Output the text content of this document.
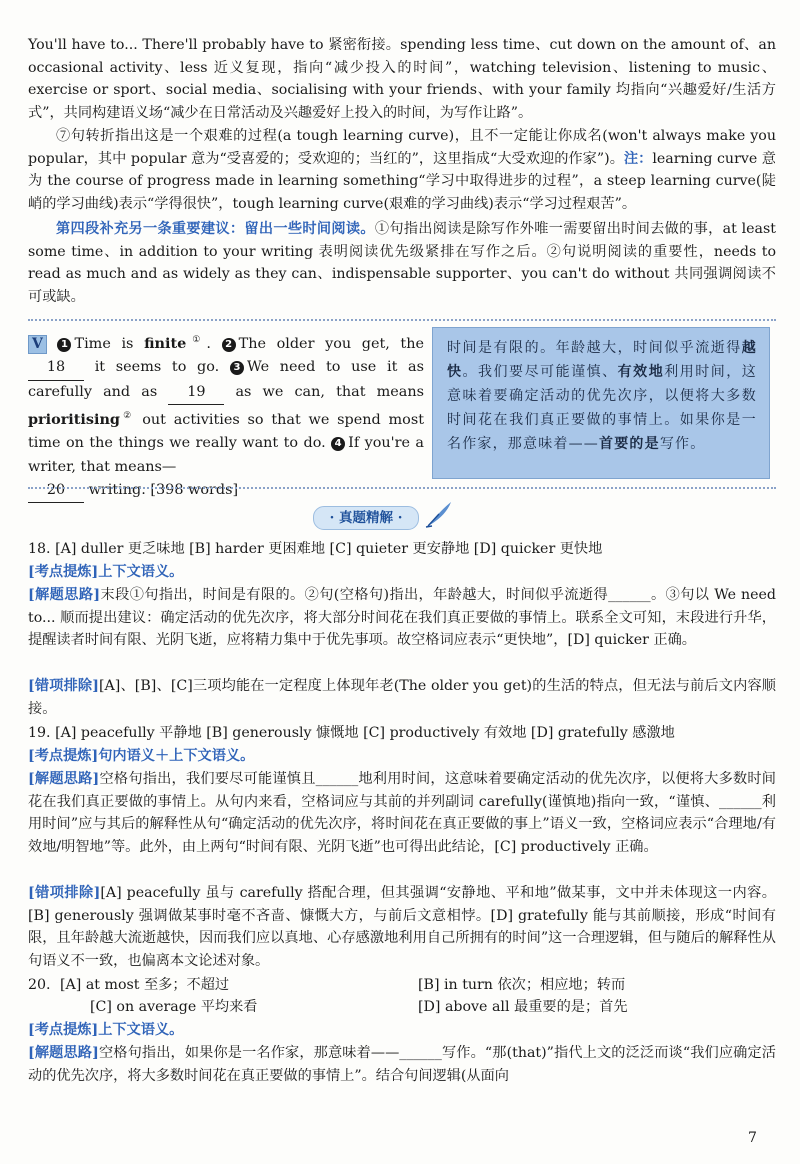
You'll have to... There'll probably have to 紧密衔接。spending less time、cut down on the amount of、an occasional activity、less 近义复现，指向“减少投入的时间”，watching television、listening to music、exercise or sport、social media、socialising with your friends、with your family 均指向“兴趣爱好/生活方式”，共同构建语义场“减少在日常活动及兴趣爱好上投入的时间，为写作让路”。

⑦句转折指出这是一个艰难的过程(a tough learning curve)，且不一定能让你成名(won't always make you popular，其中 popular 意为“受喜爱的；受欢迎的；当红的”，这里指成“大受欢迎的作家”)。注：learning curve 意为 the course of progress made in learning something“学习中取得进步的过程”，a steep learning curve(陡峭的学习曲线)表示“学得很快”，tough learning curve(艰难的学习曲线)表示“学习过程艰苦”。

第四段补充另一条重要建议：留出一些时间阅读。①句指出阅读是除写作外唯一需要留出时间去做的事，at least some time、in addition to your writing 表明阅读优先级紧排在写作之后。②句说明阅读的重要性，needs to read as much and as widely as they can、indispensable supporter、you can't do without 共同强调阅读不可或缺。

V 1 Time is finite①. 2 The older you get, the 18 it seems to go. 3 We need to use it as carefully and as 19 as we can, that means prioritising② out activities so that we spend most time on the things we really want to do. 4 If you're a writer, that means—
20 writing. [398 words]

时间是有限的。年龄越大，时间似乎流逝得越快。我们要尽可能谨慎、有效地利用时间，这意味着要确定活动的优先次序，以便将大多数时间花在我们真正要做的事情上。如果你是一名作家，那意味着——首要的是写作。

· 真题精解 ·

18. [A] duller 更乏味地 [B] harder 更困难地 [C] quieter 更安静地 [D] quicker 更快地

[考点提炼]上下文语义。

[解题思路]末段①句指出，时间是有限的。②句(空格句)指出，年龄越大，时间似乎流逝得______。③句以 We need to... 顺而提出建议：确定活动的优先次序，将大部分时间花在我们真正要做的事情上。联系全文可知，末段进行升华，提醒读者时间有限、光阴飞逝，应将精力集中于优先事项。故空格词应表示“更快地”，[D] quicker 正确。

[错项排除][A]、[B]、[C]三项均能在一定程度上体现年老(The older you get)的生活的特点，但无法与前后文内容顺接。

19. [A] peacefully 平静地 [B] generously 慷慨地 [C] productively 有效地 [D] gratefully 感激地

[考点提炼]句内语义＋上下文语义。

[解题思路]空格句指出，我们要尽可能谨慎且______地利用时间，这意味着要确定活动的优先次序，以便将大多数时间花在我们真正要做的事情上。从句内来看，空格词应与其前的并列副词 carefully(谨慎地)指向一致，“谨慎、______利用时间”应与其后的解释性从句“确定活动的优先次序，将时间花在真正要做的事上”语义一致，空格词应表示“合理地/有效地/明智地”等。此外，由上两句“时间有限、光阴飞逝”也可得出此结论，[C] productively 正确。

[错项排除][A] peacefully 虽与 carefully 搭配合理，但其强调“安静地、平和地”做某事，文中并未体现这一内容。[B] generously 强调做某事时毫不吝啬、慷慨大方，与前后文意相悖。[D] gratefully 能与其前顺接，形成“时间有限，且年龄越大流逝越快，因而我们应以真地、心存感激地利用自己所拥有的时间”这一合理逻辑，但与随后的解释性从句语义不一致，也偏离本文论述对象。

20. [A] at most 至多；不超过	[B] in turn 依次；相应地；转而
[C] on average 平均来看	[D] above all 最重要的是；首先

[考点提炼]上下文语义。

[解题思路]空格句指出，如果你是一名作家，那意味着——______写作。“那(that)”指代上文的泛泛而谈“我们应确定活动的优先次序，将大多数时间花在真正要做的事情上”。结合句间逻辑(从面向

7
